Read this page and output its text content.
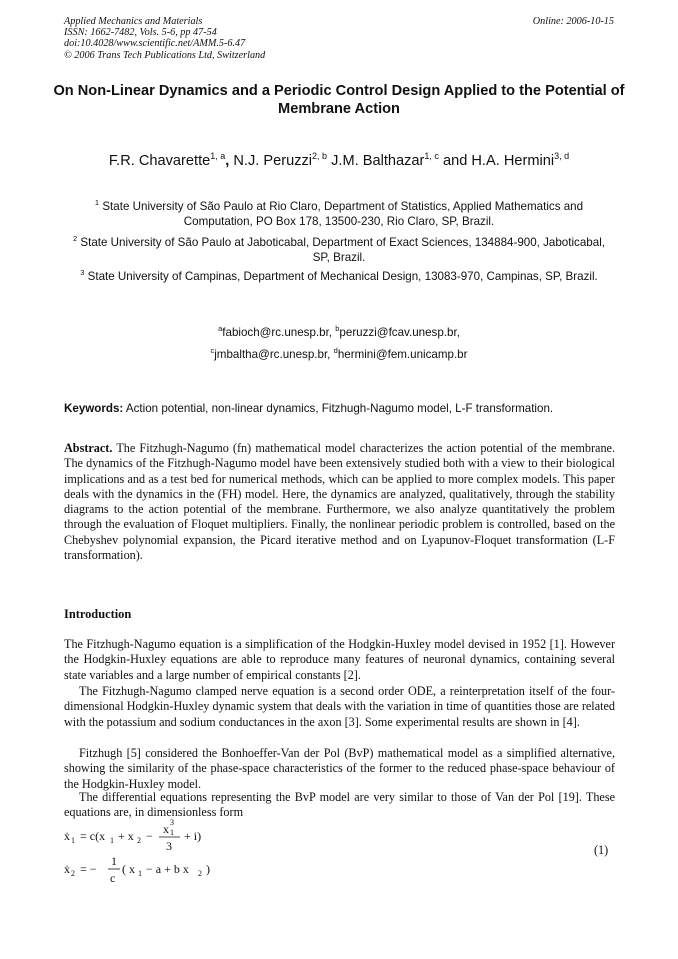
Applied Mechanics and Materials
ISSN: 1662-7482, Vols. 5-6, pp 47-54
doi:10.4028/www.scientific.net/AMM.5-6.47
© 2006 Trans Tech Publications Ltd, Switzerland
Online: 2006-10-15
On Non-Linear Dynamics and a Periodic Control Design Applied to the Potential of Membrane Action
F.R. Chavarette$^{1, a}$, N.J. Peruzzi$^{2, b}$ J.M. Balthazar$^{1, c}$ and H.A. Hermini$^{3, d}$
$^1$ State University of São Paulo at Rio Claro, Department of Statistics, Applied Mathematics and Computation, PO Box 178, 13500-230, Rio Claro, SP, Brazil.
$^2$ State University of São Paulo at Jaboticabal, Department of Exact Sciences, 134884-900, Jaboticabal, SP, Brazil.
$^3$ State University of Campinas, Department of Mechanical Design, 13083-970, Campinas, SP, Brazil.
$^a$fabioch@rc.unesp.br, $^b$peruzzi@fcav.unesp.br,
$^c$jmbaltha@rc.unesp.br, $^d$hermini@fem.unicamp.br
Keywords: Action potential, non-linear dynamics, Fitzhugh-Nagumo model, L-F transformation.
Abstract. The Fitzhugh-Nagumo (fn) mathematical model characterizes the action potential of the membrane. The dynamics of the Fitzhugh-Nagumo model have been extensively studied both with a view to their biological implications and as a test bed for numerical methods, which can be applied to more complex models. This paper deals with the dynamics in the (FH) model. Here, the dynamics are analyzed, qualitatively, through the stability diagrams to the action potential of the membrane. Furthermore, we also analyze quantitatively the problem through the evaluation of Floquet multipliers. Finally, the nonlinear periodic problem is controlled, based on the Chebyshev polynomial expansion, the Picard iterative method and on Lyapunov-Floquet transformation (L-F transformation).
Introduction
The Fitzhugh-Nagumo equation is a simplification of the Hodgkin-Huxley model devised in 1952 [1]. However the Hodgkin-Huxley equations are able to reproduce many features of neuronal dynamics, containing several state variables and a large number of empirical constants [2].
The Fitzhugh-Nagumo clamped nerve equation is a second order ODE, a reinterpretation itself of the four-dimensional Hodgkin-Huxley dynamic system that deals with the variation in time of quantities those are related with the potassium and sodium conductances in the axon [3]. Some experimental results are shown in [4].
Fitzhugh [5] considered the Bonhoeffer-Van der Pol (BvP) mathematical model as a simplified alternative, showing the similarity of the phase-space characteristics of the former to the reduced phase-space behaviour of the Hodgkin-Huxley model.
The differential equations representing the BvP model are very similar to those of Van der Pol [19]. These equations are, in dimensionless form
ẋ 1 = c(x 1 + x 2 − x 1
3
3
+ i)
ẋ 2 = −
1
c
( x 1 − a + b x 2 )
(1)
